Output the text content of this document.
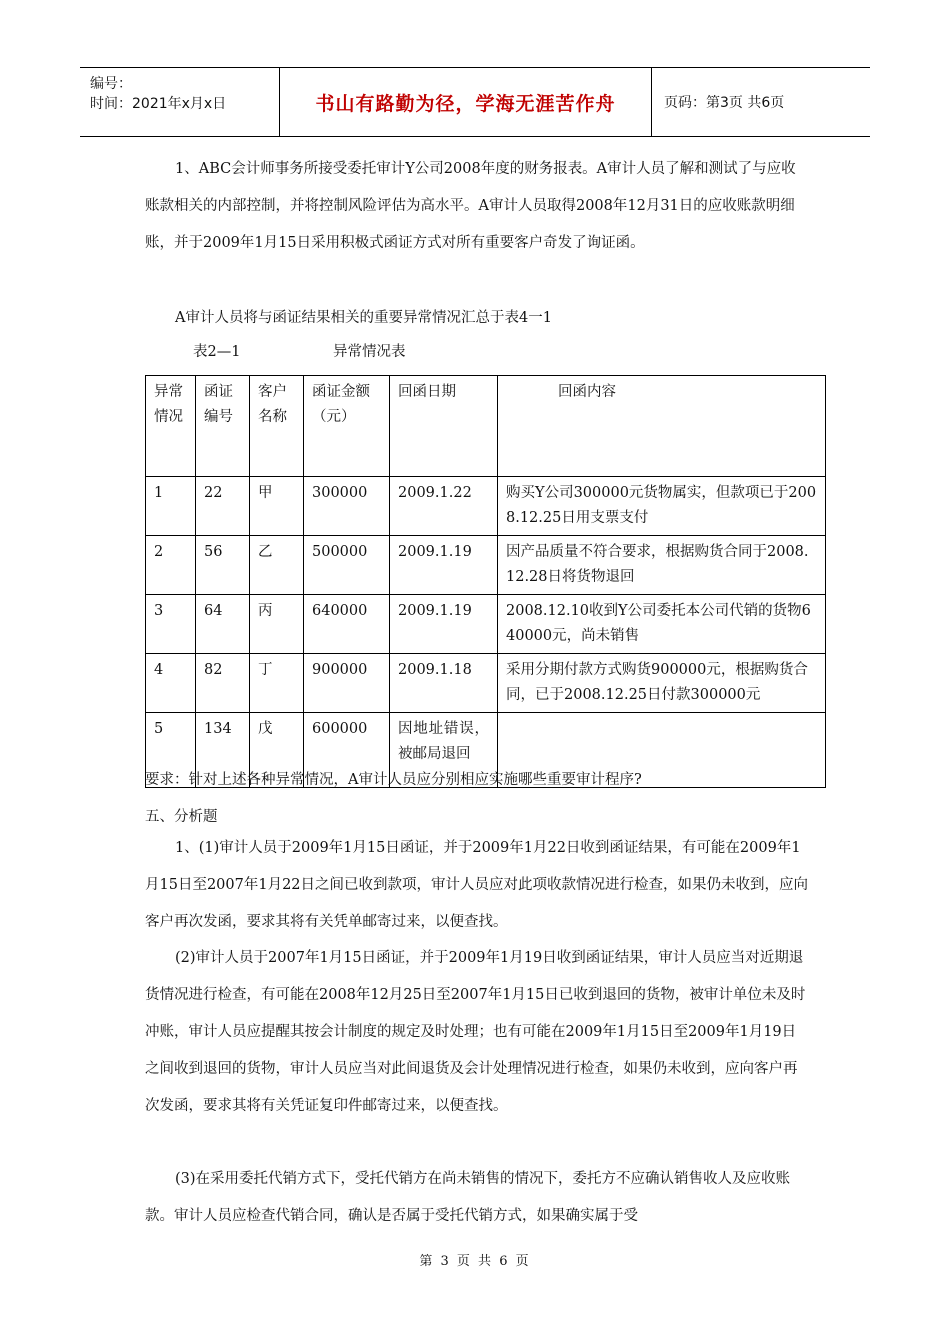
编号：
时间：2021年x月x日	书山有路勤为径，学海无涯苦作舟	页码：第3页 共6页

1、ABC会计师事务所接受委托审计Y公司2008年度的财务报表。A审计人员了解和测试了与应收账款相关的内部控制，并将控制风险评估为高水平。A审计人员取得2008年12月31日的应收账款明细账，并于2009年1月15日采用积极式函证方式对所有重要客户奇发了询证函。

A审计人员将与函证结果相关的重要异常情况汇总于表4一1

表2—1	异常情况表
异常情况	函证编号	客户名称	函证金额（元）	回函日期	回函内容
1	22	甲	300000	2009.1.22	购买Y公司300000元货物属实，但款项已于2008.12.25日用支票支付
2	56	乙	500000	2009.1.19	因产品质量不符合要求，根据购货合同于2008.12.28日将货物退回
3	64	丙	640000	2009.1.19	2008.12.10收到Y公司委托本公司代销的货物640000元，尚未销售
4	82	丁	900000	2009.1.18	采用分期付款方式购货900000元，根据购货合同，已于2008.12.25日付款300000元
5	134	戊	600000	因地址错误，被邮局退回	

要求：针对上述各种异常情况，A审计人员应分别相应实施哪些重要审计程序?

五、分析题

1、(1)审计人员于2009年1月15日函证，并于2009年1月22日收到函证结果，有可能在2009年1月15日至2007年1月22日之间已收到款项，审计人员应对此项收款情况进行检查，如果仍未收到，应向客户再次发函，要求其将有关凭单邮寄过来，以便查找。

(2)审计人员于2007年1月15日函证，并于2009年1月19日收到函证结果，审计人员应当对近期退货情况进行检查，有可能在2008年12月25日至2007年1月15日已收到退回的货物，被审计单位未及时冲账，审计人员应提醒其按会计制度的规定及时处理；也有可能在2009年1月15日至2009年1月19日之间收到退回的货物，审计人员应当对此间退货及会计处理情况进行检查，如果仍未收到，应向客户再次发函，要求其将有关凭证复印件邮寄过来，以便查找。

(3)在采用委托代销方式下，受托代销方在尚未销售的情况下，委托方不应确认销售收人及应收账款。审计人员应检查代销合同，确认是否属于受托代销方式，如果确实属于受

第 3 页 共 6 页
